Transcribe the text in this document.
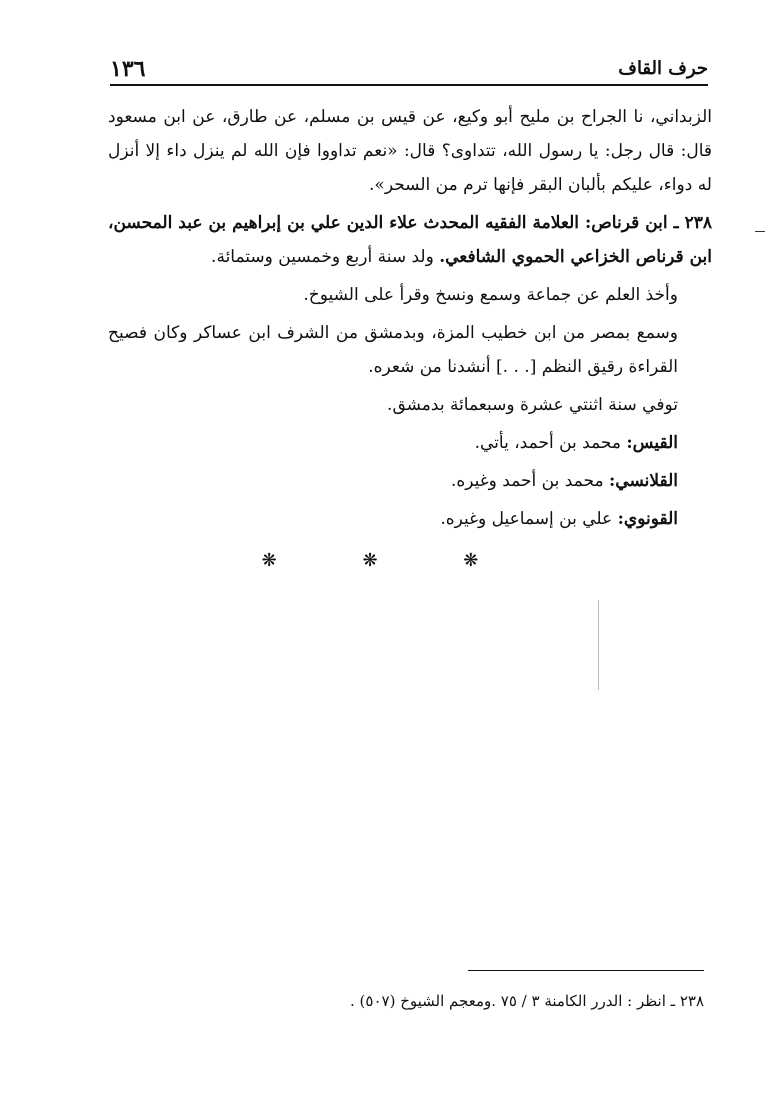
١٣٦	حرف القاف

الزبداني، نا الجراح بن مليح أبو وكيع، عن قيس بن مسلم، عن طارق، عن ابن مسعود قال: قال رجل: يا رسول الله، تتداوى؟ قال: «نعم تداووا فإن الله لم ينزل داء إلا أنزل له دواء، عليكم بألبان البقر فإنها ترم من السحر».

٢٣٨ ـ ابن قرناص: العلامة الفقيه المحدث علاء الدين علي بن إبراهيم بن عبد المحسن، ابن قرناص الخزاعي الحموي الشافعي. ولد سنة أربع وخمسين وستمائة.

وأخذ العلم عن جماعة وسمع ونسخ وقرأ على الشيوخ.

وسمع بمصر من ابن خطيب المزة، وبدمشق من الشرف ابن عساكر وكان فصيح القراءة رقيق النظم [. . .] أنشدنا من شعره.

توفي سنة اثنتي عشرة وسبعمائة بدمشق.

القيس: محمد بن أحمد، يأتي.

القلانسي: محمد بن أحمد وغيره.

القونوي: علي بن إسماعيل وغيره.

❋ ❋ ❋
٢٣٨ ـ انظر : الدرر الكامنة ٣ / ٧٥ .ومعجم الشيوخ (٥٠٧) .
